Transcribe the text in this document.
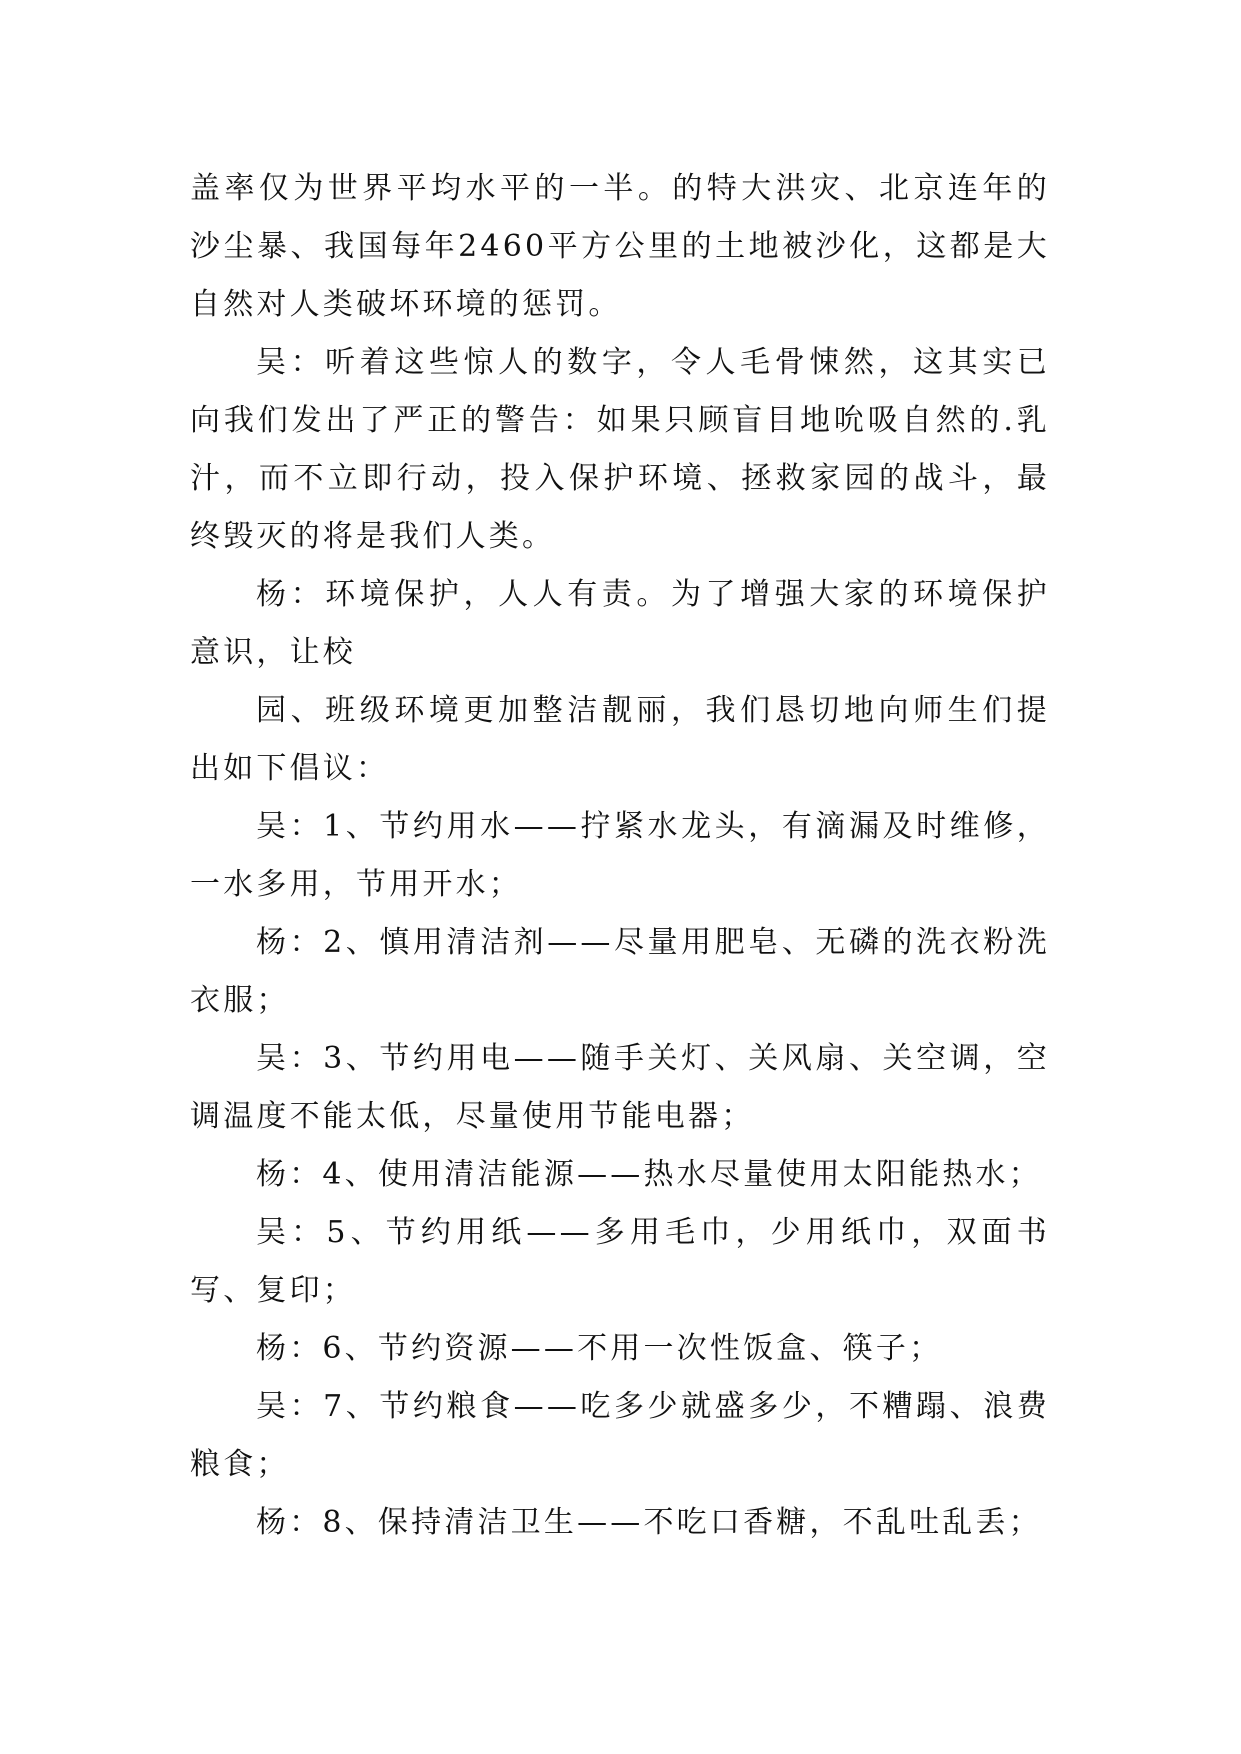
盖率仅为世界平均水平的一半。的特大洪灾、北京连年的沙尘暴、我国每年2460平方公里的土地被沙化，这都是大自然对人类破坏环境的惩罚。

吴：听着这些惊人的数字，令人毛骨悚然，这其实已向我们发出了严正的警告：如果只顾盲目地吮吸自然的.乳汁，而不立即行动，投入保护环境、拯救家园的战斗，最终毁灭的将是我们人类。

杨：环境保护，人人有责。为了增强大家的环境保护意识，让校

园、班级环境更加整洁靓丽，我们恳切地向师生们提出如下倡议：

吴：1、节约用水——拧紧水龙头，有滴漏及时维修，一水多用，节用开水；

杨：2、慎用清洁剂——尽量用肥皂、无磷的洗衣粉洗衣服；

吴：3、节约用电——随手关灯、关风扇、关空调，空调温度不能太低，尽量使用节能电器；

杨：4、使用清洁能源——热水尽量使用太阳能热水；

吴：5、节约用纸——多用毛巾，少用纸巾，双面书写、复印；

杨：6、节约资源——不用一次性饭盒、筷子；

吴：7、节约粮食——吃多少就盛多少，不糟蹋、浪费粮食；

杨：8、保持清洁卫生——不吃口香糖，不乱吐乱丢；
